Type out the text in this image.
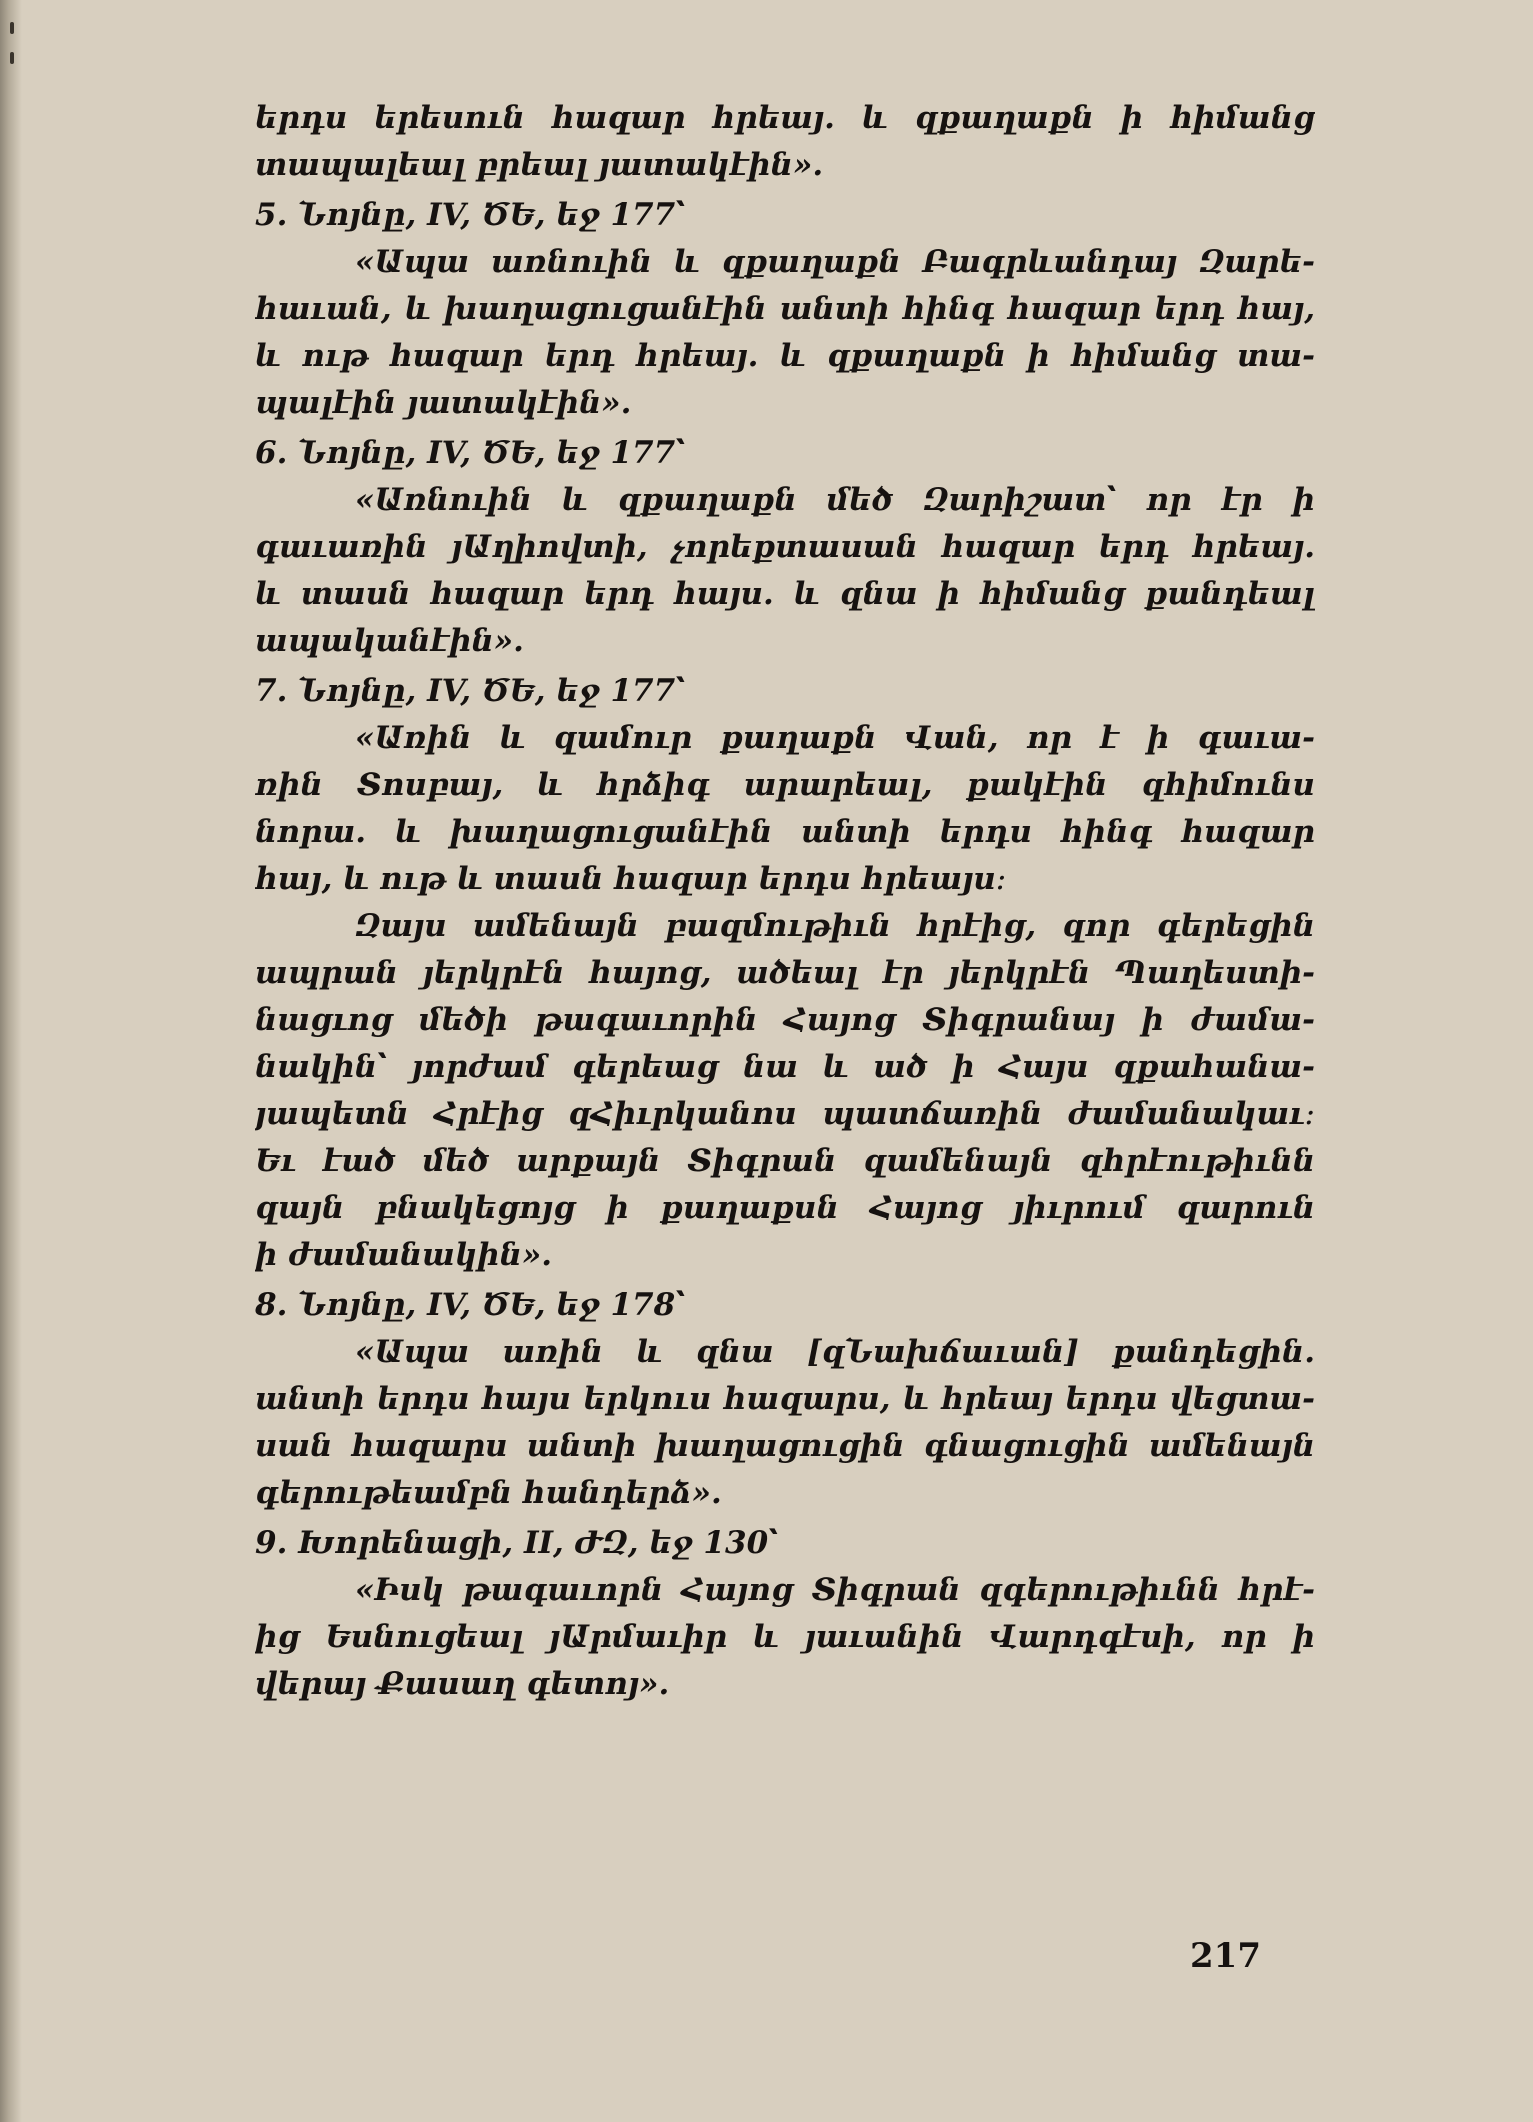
երդս երեսուն հազար հրեայ. և զքաղաքն ի հիմանց
տապալեալ բրեալ յատակէին».
5. Նոյնը, IV, ԾԵ, եջ 177՝
«Ապա առնուին և զքաղաքն Բագրևանդայ Զարե-
հաւան, և խաղացուցանէին անտի հինգ հազար երդ հայ,
և ութ հազար երդ հրեայ. և զքաղաքն ի հիմանց տա-
պալէին յատակէին».
6. Նոյնը, IV, ԾԵ, եջ 177՝
«Առնուին և զքաղաքն մեծ Զարիշատ՝ որ էր ի
գաւառին յԱղիովտի, չորեքտասան հազար երդ հրեայ.
և տասն հազար երդ հայս. և զնա ի հիմանց քանդեալ
ապականէին».
7. Նոյնը, IV, ԾԵ, եջ 177՝
«Առին և զամուր քաղաքն Վան, որ է ի գաւա-
ռին Տոսբայ, և հրձիգ արարեալ, քակէին զհիմունս
նորա. և խաղացուցանէին անտի երդս հինգ հազար
հայ, և ութ և տասն հազար երդս հրեայս։
Զայս ամենայն բազմութիւն հրէից, զոր գերեցին
ապրան յերկրէն հայոց, ածեալ էր յերկրէն Պաղեստի-
նացւոց մեծի թագաւորին Հայոց Տիգրանայ ի ժամա-
նակին՝ յորժամ գերեաց նա և ած ի Հայս զքահանա-
յապետն Հրէից զՀիւրկանոս պատճառին ժամանակաւ։
Եւ էած մեծ արքայն Տիգրան զամենայն զհրէութիւնն
զայն բնակեցոյց ի քաղաքսն Հայոց յիւրում զարուն
ի ժամանակին».
8. Նոյնը, IV, ԾԵ, եջ 178՝
«Ապա առին և զնա [զՆախճաւան] քանդեցին.
անտի երդս հայս երկուս հազարս, և հրեայ երդս վեցտա-
սան հազարս անտի խաղացուցին գնացուցին ամենայն
գերութեամբն հանդերձ».
9. Խորենացի, II, ԺԶ, եջ 130՝
«Իսկ թագաւորն Հայոց Տիգրան զգերութիւնն հրէ-
ից Եսնուցեալ յԱրմաւիր և յաւանին Վարդգէսի, որ ի
վերայ Քասաղ գետոյ».
217
